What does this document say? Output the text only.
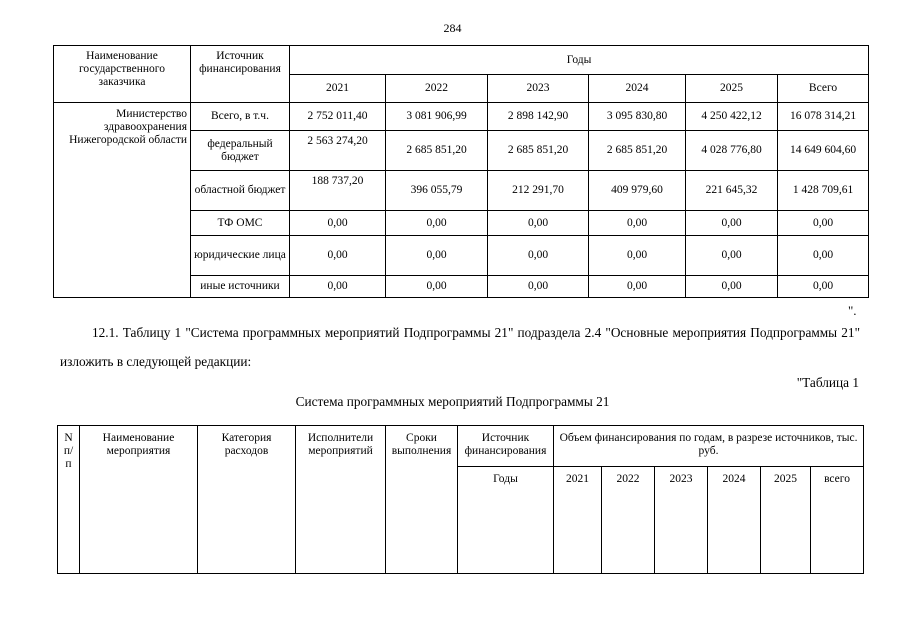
284
Наименование государственного заказчика	Источник финансирования	Годы					
		2021	2022	2023	2024	2025	Всего
Министерство здравоохранения Нижегородской области	Всего, в т.ч.	2 752 011,40	3 081 906,99	2 898 142,90	3 095 830,80	4 250 422,12	16 078 314,21
	федеральный бюджет	2 563 274,20	2 685 851,20	2 685 851,20	2 685 851,20	4 028 776,80	14 649 604,60
	областной бюджет	188 737,20	396 055,79	212 291,70	409 979,60	221 645,32	1 428 709,61
	ТФ ОМС	0,00	0,00	0,00	0,00	0,00	0,00
	юридические лица	0,00	0,00	0,00	0,00	0,00	0,00
	иные источники	0,00	0,00	0,00	0,00	0,00	0,00
".
12.1. Таблицу 1 "Система программных мероприятий Подпрограммы 21" подраздела 2.4 "Основные мероприятия Подпрограммы 21" изложить в следующей редакции:
"Таблица 1
Система программных мероприятий Подпрограммы 21
N п/п	Наименование мероприятия	Категория расходов	Исполнители мероприятий	Сроки выполнения	Источник финансирования	Объем финансирования по годам, в разрезе источников, тыс. руб.					
					Годы	2021	2022	2023	2024	2025	всего
